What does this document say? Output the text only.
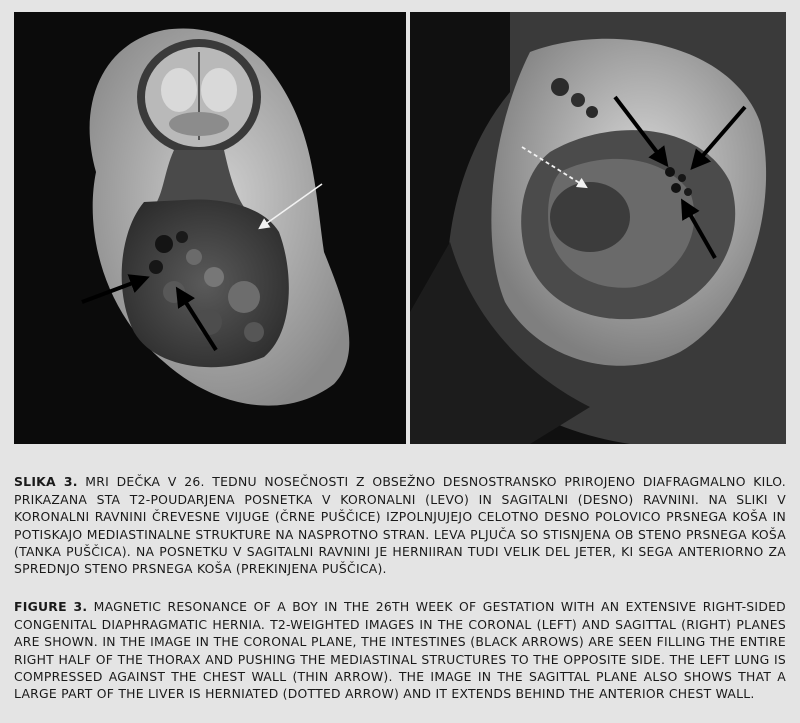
SLIKA 3. MRI DEČKA V 26. TEDNU NOSEČNOSTI Z OBSEŽNO DESNOSTRANSKO PRIROJENO DIAFRAGMALNO KILO. PRIKAZANA STA T2-POUDARJENA POSNETKA V KORONALNI (LEVO) IN SAGITALNI (DESNO) RAVNINI. NA SLIKI V KORONALNI RAVNINI ČREVESNE VIJUGE (ČRNE PUŠČICE) IZPOLNJUJEJO CELOTNO DESNO POLOVICO PRSNEGA KOŠA IN POTISKAJO MEDIASTINALNE STRUKTURE NA NASPROTNO STRAN. LEVA PLJUČA SO STISNJENA OB STENO PRSNEGA KOŠA (TANKA PUŠČICA). NA POSNETKU V SAGITALNI RAVNINI JE HERNIIRAN TUDI VELIK DEL JETER, KI SEGA ANTERIORNO ZA SPREDNJO STENO PRSNEGA KOŠA (PREKINJENA PUŠČICA).

FIGURE 3. MAGNETIC RESONANCE OF A BOY IN THE 26TH WEEK OF GESTATION WITH AN EXTENSIVE RIGHT-SIDED CONGENITAL DIAPHRAGMATIC HERNIA. T2-WEIGHTED IMAGES IN THE CORONAL (LEFT) AND SAGITTAL (RIGHT) PLANES ARE SHOWN. IN THE IMAGE IN THE CORONAL PLANE, THE INTESTINES (BLACK ARROWS) ARE SEEN FILLING THE ENTIRE RIGHT HALF OF THE THORAX AND PUSHING THE MEDIASTINAL STRUCTURES TO THE OPPOSITE SIDE. THE LEFT LUNG IS COMPRESSED AGAINST THE CHEST WALL (THIN ARROW). THE IMAGE IN THE SAGITTAL PLANE ALSO SHOWS THAT A LARGE PART OF THE LIVER IS HERNIATED (DOTTED ARROW) AND IT EXTENDS BEHIND THE ANTERIOR CHEST WALL.
